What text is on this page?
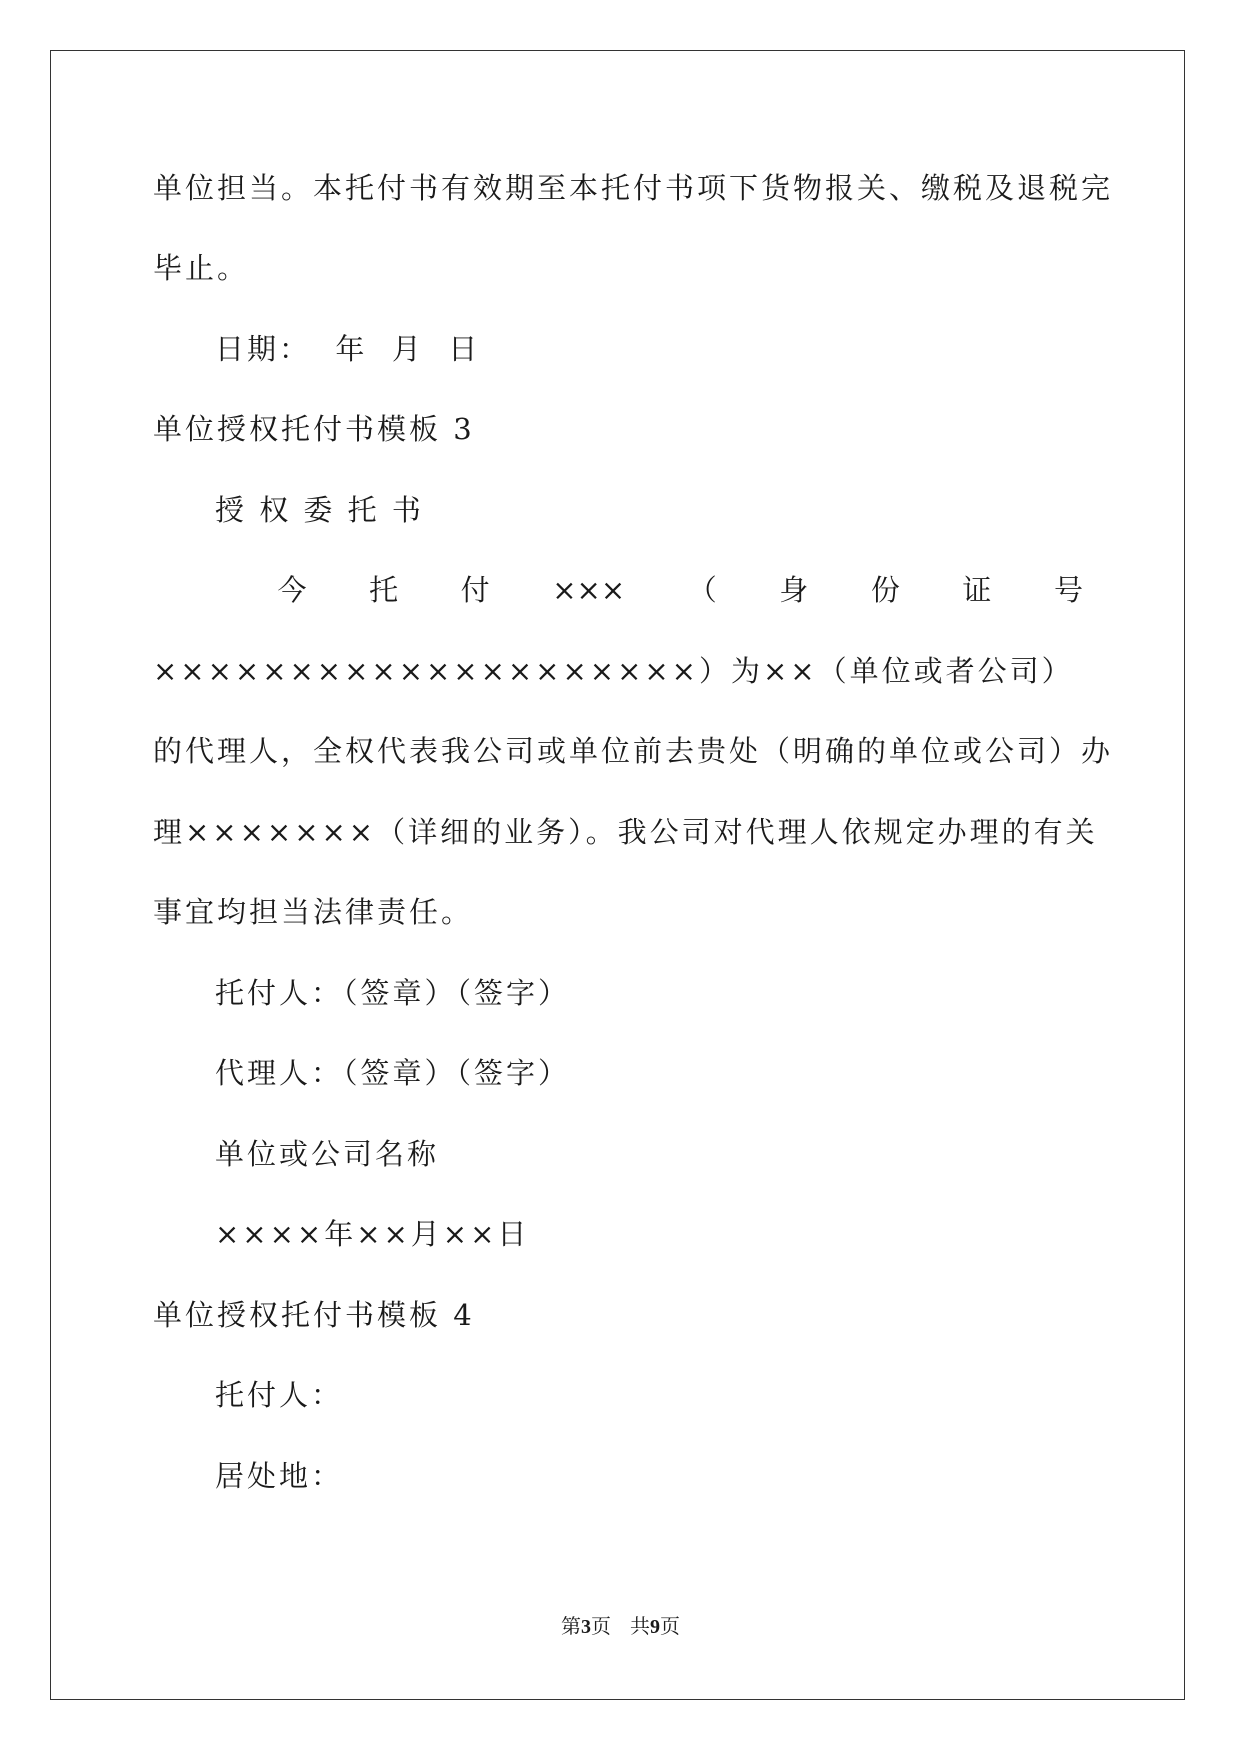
单位担当。本托付书有效期至本托付书项下货物报关、缴税及退税完
毕止。
日期：  年  月  日
单位授权托付书模板 3
授 权 委 托 书
今 托 付 ××× （ 身 份 证 号
××××××××××××××××××××）为××（单位或者公司）
的代理人，全权代表我公司或单位前去贵处（明确的单位或公司）办
理×××××××（详细的业务）。我公司对代理人依规定办理的有关
事宜均担当法律责任。
托付人：（签章）（签字）
代理人：（签章）（签字）
单位或公司名称
××××年××月××日
单位授权托付书模板 4
托付人：
居处地：
第3页   共9页
